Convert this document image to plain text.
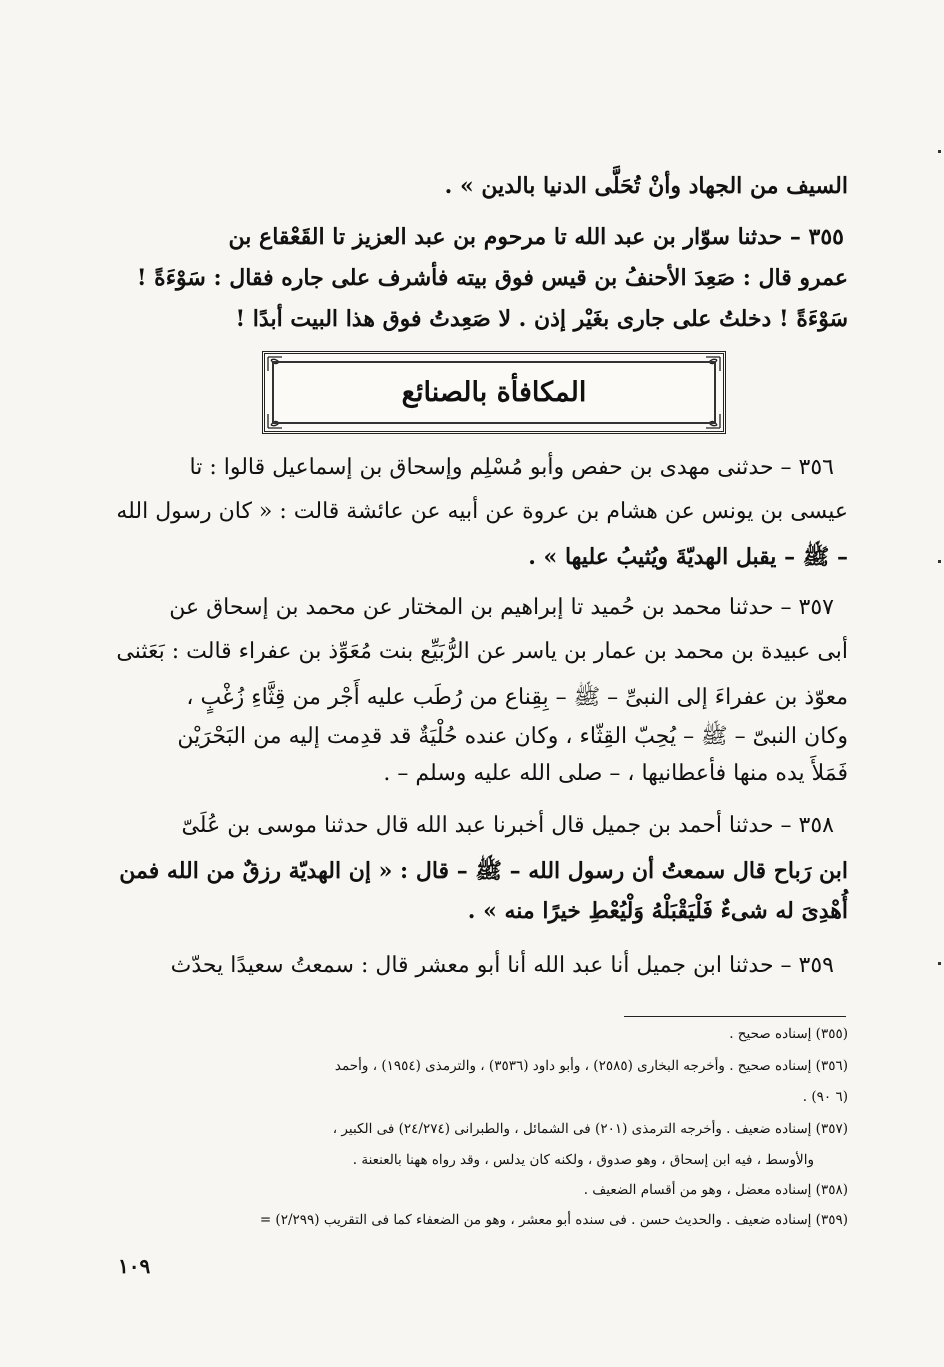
السيف من الجهاد وأنْ تُحَلَّى الدنيا بالدين » .
٣٥٥ – حدثنا سوّار بن عبد الله تا مرحوم بن عبد العزيز تا القَعْقاع بن
عمرو قال : صَعِدَ الأحنفُ بن قيس فوق بيته فأشرف على جاره فقال : سَوْءَةً !
سَوْءَةً ! دخلتُ على جارى بغَيْر إذن . لا صَعِدتُ فوق هذا البيت أبدًا !
المكافأة بالصنائع
٣٥٦ – حدثنى مهدى بن حفص وأبو مُسْلِم وإسحاق بن إسماعيل قالوا : تا
عيسى بن يونس عن هشام بن عروة عن أبيه عن عائشة قالت : « كان رسول الله
– ﷺ – يقبل الهديّةَ ويُثيبُ عليها » .
٣٥٧ – حدثنا محمد بن حُميد تا إبراهيم بن المختار عن محمد بن إسحاق عن
أبى عبيدة بن محمد بن عمار بن ياسر عن الرُّبَيِّع بنت مُعَوِّذ بن عفراء قالت : بَعَثنى
معوّذ بن عفراءَ إلى النبىِّ – ﷺ – بِقِناع من رُطَب عليه أَجْر من قِثَّاءِ زُغْبٍ ،
وكان النبىّ – ﷺ – يُحِبّ القِثّاء ، وكان عنده حُلْيَةٌ قد قدِمت إليه من البَحْرَيْن
فَمَلأَ يده منها فأعطانيها ، – صلى الله عليه وسلم – .
٣٥٨ – حدثنا أحمد بن جميل قال أخبرنا عبد الله قال حدثنا موسى بن عُلَىّ
ابن رَباح قال سمعتُ أن رسول الله – ﷺ – قال : « إن الهديّة رزقٌ من الله فمن
أُهْدِىَ له شىءٌ فَلْيَقْبَلْهُ وَلْيُعْطِ خيرًا منه » .
٣٥٩ – حدثنا ابن جميل أنا عبد الله أنا أبو معشر قال : سمعتُ سعيدًا يحدّث
(٣٥٥) إسناده صحيح .
(٣٥٦) إسناده صحيح . وأخرجه البخارى (٢٥٨٥) ، وأبو داود (٣٥٣٦) ، والترمذى (١٩٥٤) ، وأحمد
(٦ ٩٠) .
(٣٥٧) إسناده ضعيف . وأخرجه الترمذى (٢٠١) فى الشمائل ، والطبرانى (٢٤/٢٧٤) فى الكبير ،
والأوسط ، فيه ابن إسحاق ، وهو صدوق ، ولكنه كان يدلس ، وقد رواه ههنا بالعنعنة .
(٣٥٨) إسناده معضل ، وهو من أقسام الضعيف .
(٣٥٩) إسناده ضعيف . والحديث حسن . فى سنده أبو معشر ، وهو من الضعفاء كما فى التقريب (٢/٢٩٩) =
١٠٩
